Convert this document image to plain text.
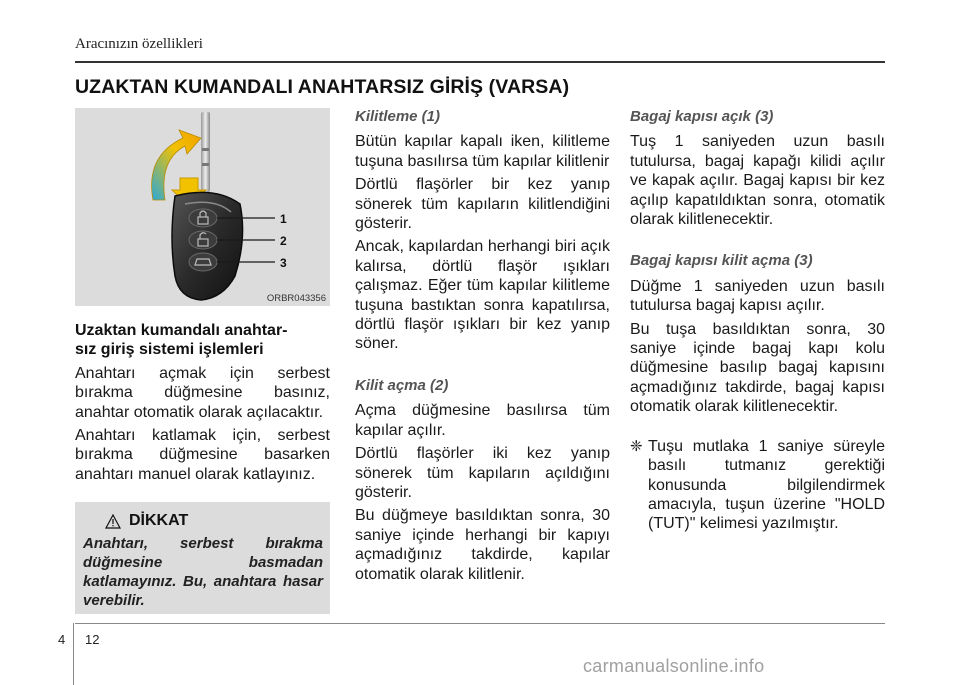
Aracınızın özellikleri
UZAKTAN KUMANDALI ANAHTARSIZ GİRİŞ (VARSA)
1
2
3
ORBR043356
Uzaktan kumandalı anahtar-
sız giriş sistemi işlemleri

Anahtarı açmak için serbest bırakma düğmesine basınız, anahtar otomatik olarak açılacaktır.

Anahtarı katlamak için, serbest bırakma düğmesine basarken anahtarı manuel olarak katlayınız.

DİKKAT
Anahtarı, serbest bırakma düğmesine basmadan katlamayınız. Bu, anahtara hasar verebilir.
Kilitleme (1)

Bütün kapılar kapalı iken, kilitleme tuşuna basılırsa tüm kapılar kilitlenir

Dörtlü flaşörler bir kez yanıp sönerek tüm kapıların kilitlendiğini gösterir.

Ancak, kapılardan herhangi biri açık kalırsa, dörtlü flaşör ışıkları çalışmaz. Eğer tüm kapılar kilitleme tuşuna bastıktan sonra kapatılırsa, dörtlü flaşör ışıkları bir kez yanıp söner.

Kilit açma (2)

Açma düğmesine basılırsa tüm kapılar açılır.

Dörtlü flaşörler iki kez yanıp sönerek tüm kapıların açıldığını gösterir.

Bu düğmeye basıldıktan sonra, 30 saniye içinde herhangi bir kapıyı açmadığınız takdirde, kapılar otomatik olarak kilitlenir.

Bagaj kapısı açık (3)

Tuş 1 saniyeden uzun basılı tutulursa, bagaj kapağı kilidi açılır ve kapak açılır. Bagaj kapısı bir kez açılıp kapatıldıktan sonra, otomatik olarak kilitlenecektir.

Bagaj kapısı kilit açma (3)

Düğme 1 saniyeden uzun basılı tutulursa bagaj kapısı açılır.

Bu tuşa basıldıktan sonra, 30 saniye içinde bagaj kapı kolu düğmesine basılıp bagaj kapısını açmadığınız takdirde, bagaj kapısı otomatik olarak kilitlenecektir.

❈ Tuşu mutlaka 1 saniye süreyle basılı tutmanız gerektiği konusunda bilgilendirmek amacıyla, tuşun üzerine "HOLD (TUT)" kelimesi yazılmıştır.
4 12
carmanualsonline.info
